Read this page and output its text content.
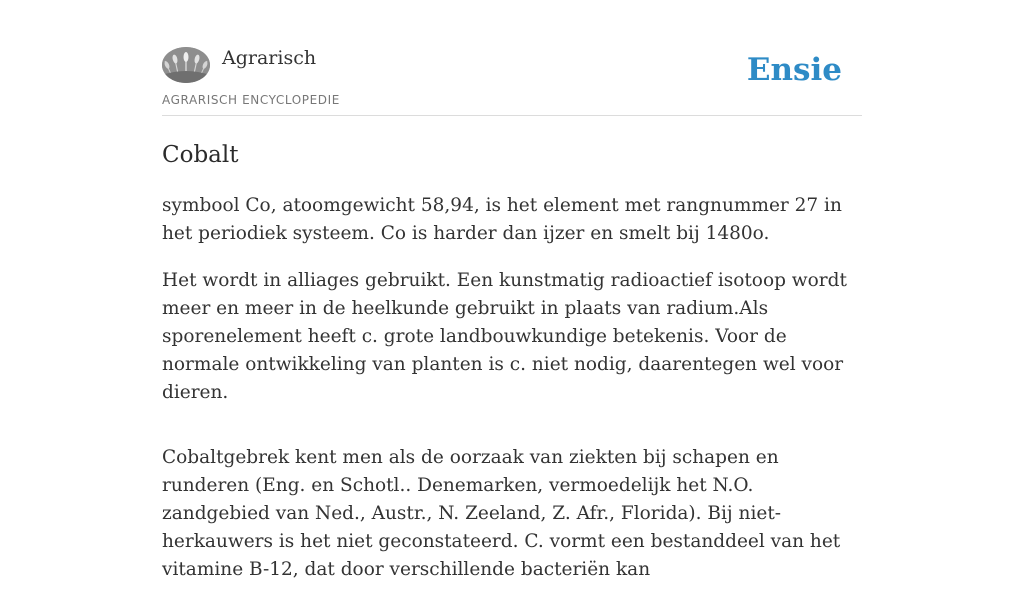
Agrarisch
AGRARISCH ENCYCLOPEDIE
Ensie
Cobalt

symbool Co, atoomgewicht 58,94, is het element met rangnummer 27 in het periodiek systeem. Co is harder dan ijzer en smelt bij 1480o.

Het wordt in alliages gebruikt. Een kunstmatig radioactief isotoop wordt meer en meer in de heelkunde gebruikt in plaats van radium.Als sporenelement heeft c. grote landbouwkundige betekenis. Voor de normale ontwikkeling van planten is c. niet nodig, daarentegen wel voor dieren.

Cobaltgebrek kent men als de oorzaak van ziekten bij schapen en runderen (Eng. en Schotl.. Denemarken, vermoedelijk het N.O. zandgebied van Ned., Austr., N. Zeeland, Z. Afr., Florida). Bij niet-herkauwers is het niet geconstateerd. C. vormt een bestanddeel van het vitamine B-12, dat door verschillende bacteriën kan
